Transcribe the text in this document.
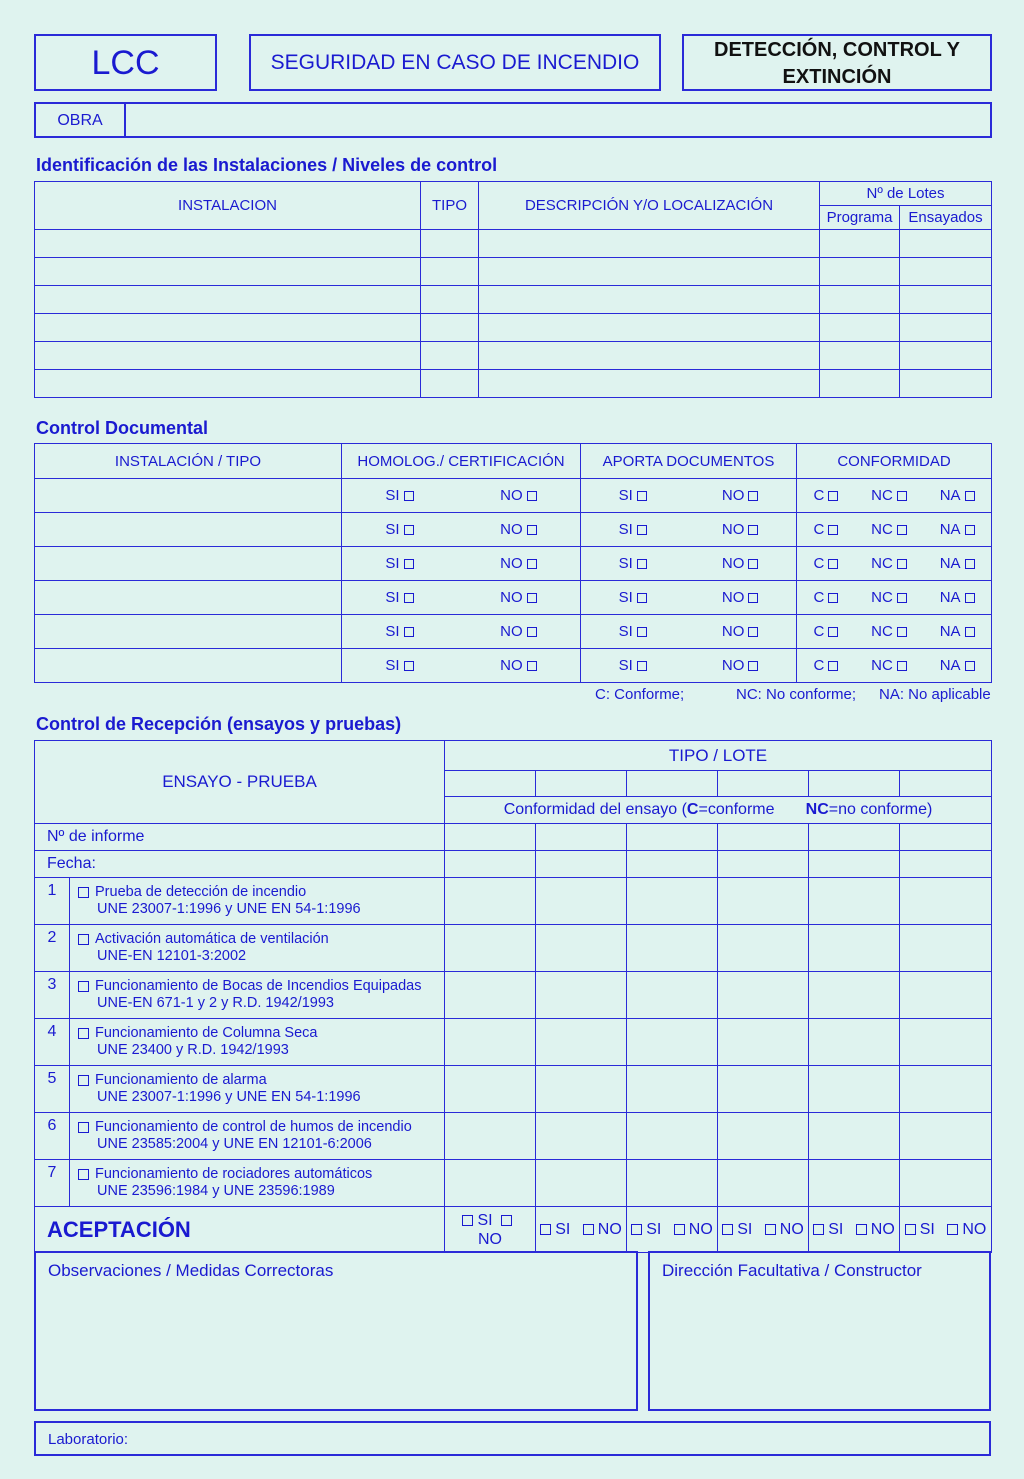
LCC	SEGURIDAD EN CASO DE INCENDIO
DETECCIÓN, CONTROL Y
EXTINCIÓN
OBRA
Identificación de las Instalaciones / Niveles de control
INSTALACION	TIPO	DESCRIPCIÓN Y/O LOCALIZACIÓN	Nº de Lotes	
			Programa	Ensayados

Control Documental
INSTALACIÓN / TIPO	HOMOLOG./ CERTIFICACIÓN	APORTA DOCUMENTOS	CONFORMIDAD

	SI NO	SI NO	C NC NA

	SI NO	SI NO	C NC NA

	SI NO	SI NO	C NC NA

	SI NO	SI NO	C NC NA

	SI NO	SI NO	C NC NA

	SI NO	SI NO	C NC NA
C: Conforme;	NC: No conforme; NA: No aplicable
Control de Recepción (ensayos y pruebas)
ENSAYO - PRUEBA		TIPO / LOTE					

		Conformidad del ensayo (C=conforme NC=no conforme)					
Nº de informe							
Fecha:							
1	Prueba de detección de incendio
UNE 23007-1:1996 y UNE EN 54-1:1996						

2	Activación automática de ventilación
UNE-EN 12101-3:2002						

3	Funcionamiento de Bocas de Incendios Equipadas
UNE-EN 671-1 y 2 y R.D. 1942/1993						

4	Funcionamiento de Columna Seca
UNE 23400 y R.D. 1942/1993						

5	Funcionamiento de alarma
UNE 23007-1:1996 y UNE EN 54-1:1996						

6	Funcionamiento de control de humos de incendio
UNE 23585:2004 y UNE EN 12101-6:2006						

7	Funcionamiento de rociadores automáticos
UNE 23596:1984 y UNE 23596:1989						

ACEPTACIÓN		SI
NO	SI NO	SI NO	SI NO	SI NO	SI NO
Observaciones / Medidas Correctoras	Dirección Facultativa / Constructor
Laboratorio:
